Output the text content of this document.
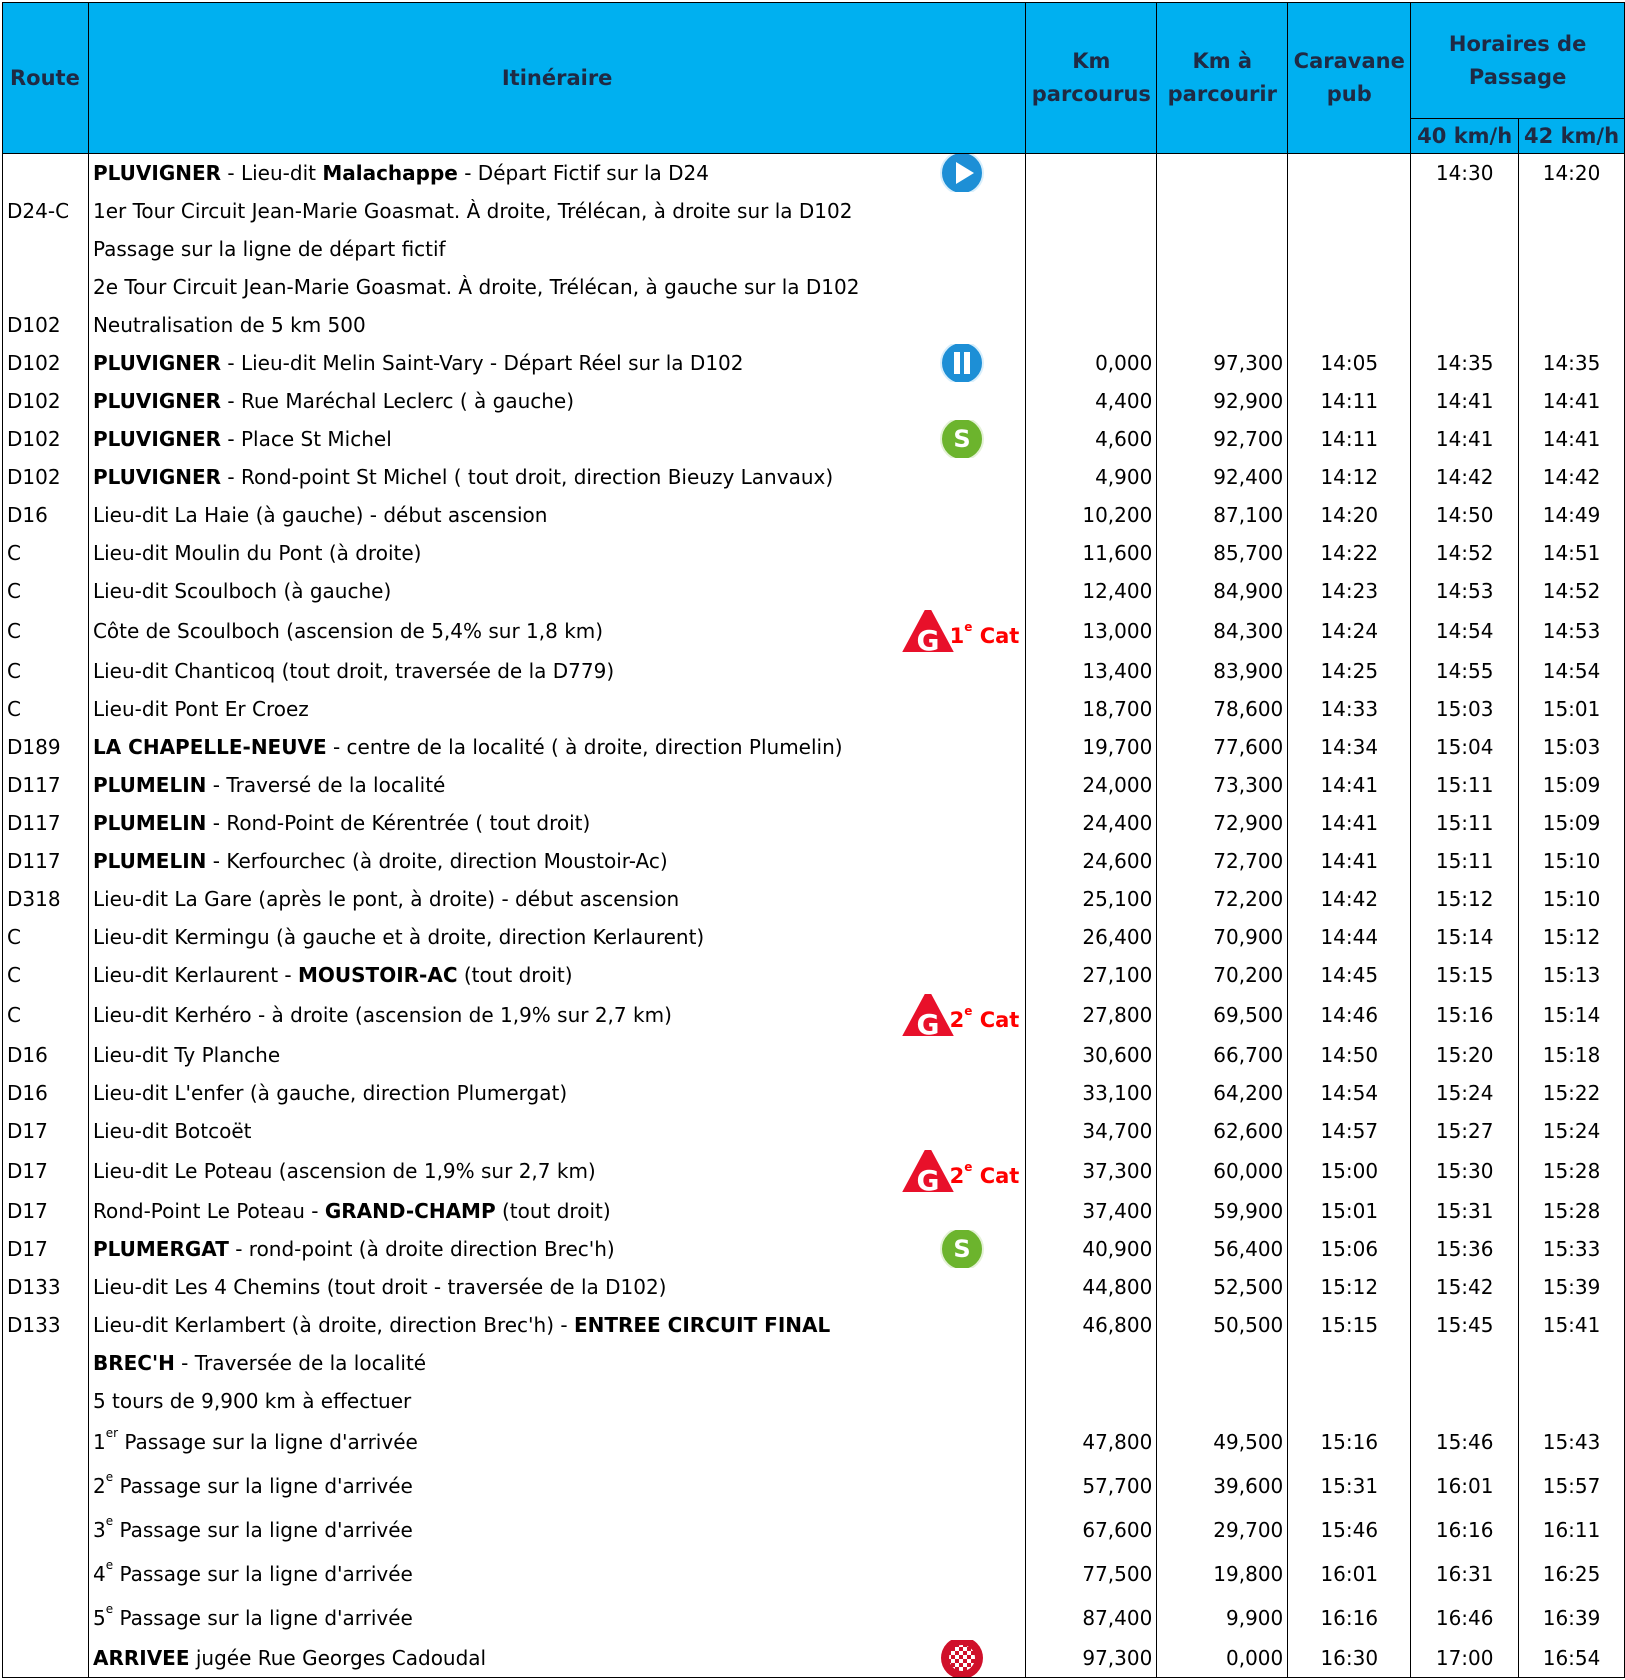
Route	Itinéraire	Km parcourus	Km à parcourir	Caravane pub	Horaires de Passage	
					40 km/h	42 km/h
	PLUVIGNER - Lieu-dit Malachappe - Départ Fictif sur la D24				14:30	14:20
D24-C	1er Tour Circuit Jean-Marie Goasmat. À droite, Trélécan, à droite sur la D102					
	Passage sur la ligne de départ fictif					
	2e Tour Circuit Jean-Marie Goasmat. À droite, Trélécan, à gauche sur la D102					
D102	Neutralisation de 5 km 500					
D102	PLUVIGNER - Lieu-dit Melin Saint-Vary - Départ Réel sur la D102	0,000	97,300	14:05	14:35	14:35
D102	PLUVIGNER - Rue Maréchal Leclerc ( à gauche)	4,400	92,900	14:11	14:41	14:41
D102	PLUVIGNER - Place St Michel S	4,600	92,700	14:11	14:41	14:41
D102	PLUVIGNER - Rond-point St Michel ( tout droit, direction Bieuzy Lanvaux)	4,900	92,400	14:12	14:42	14:42
D16	Lieu-dit La Haie (à gauche) - début ascension	10,200	87,100	14:20	14:50	14:49
C	Lieu-dit Moulin du Pont (à droite)	11,600	85,700	14:22	14:52	14:51
C	Lieu-dit Scoulboch (à gauche)	12,400	84,900	14:23	14:53	14:52
C	Côte de Scoulboch (ascension de 5,4% sur 1,8 km) G 1e Cat	13,000	84,300	14:24	14:54	14:53
C	Lieu-dit Chanticoq (tout droit, traversée de la D779)	13,400	83,900	14:25	14:55	14:54
C	Lieu-dit Pont Er Croez	18,700	78,600	14:33	15:03	15:01
D189	LA CHAPELLE-NEUVE - centre de la localité ( à droite, direction Plumelin)	19,700	77,600	14:34	15:04	15:03
D117	PLUMELIN - Traversé de la localité	24,000	73,300	14:41	15:11	15:09
D117	PLUMELIN - Rond-Point de Kérentrée ( tout droit)	24,400	72,900	14:41	15:11	15:09
D117	PLUMELIN - Kerfourchec (à droite, direction Moustoir-Ac)	24,600	72,700	14:41	15:11	15:10
D318	Lieu-dit La Gare (après le pont, à droite) - début ascension	25,100	72,200	14:42	15:12	15:10
C	Lieu-dit Kermingu (à gauche et à droite, direction Kerlaurent)	26,400	70,900	14:44	15:14	15:12
C	Lieu-dit Kerlaurent - MOUSTOIR-AC (tout droit)	27,100	70,200	14:45	15:15	15:13
C	Lieu-dit Kerhéro - à droite (ascension de 1,9% sur 2,7 km) G 2e Cat	27,800	69,500	14:46	15:16	15:14
D16	Lieu-dit Ty Planche	30,600	66,700	14:50	15:20	15:18
D16	Lieu-dit L'enfer (à gauche, direction Plumergat)	33,100	64,200	14:54	15:24	15:22
D17	Lieu-dit Botcoët	34,700	62,600	14:57	15:27	15:24
D17	Lieu-dit Le Poteau (ascension de 1,9% sur 2,7 km) G 2e Cat	37,300	60,000	15:00	15:30	15:28
D17	Rond-Point Le Poteau - GRAND-CHAMP (tout droit)	37,400	59,900	15:01	15:31	15:28
D17	PLUMERGAT - rond-point (à droite direction Brec'h) S	40,900	56,400	15:06	15:36	15:33
D133	Lieu-dit Les 4 Chemins (tout droit - traversée de la D102)	44,800	52,500	15:12	15:42	15:39
D133	Lieu-dit Kerlambert (à droite, direction Brec'h) - ENTREE CIRCUIT FINAL	46,800	50,500	15:15	15:45	15:41
	BREC'H - Traversée de la localité					
	5 tours de 9,900 km à effectuer					
	1er Passage sur la ligne d'arrivée	47,800	49,500	15:16	15:46	15:43
	2e Passage sur la ligne d'arrivée	57,700	39,600	15:31	16:01	15:57
	3e Passage sur la ligne d'arrivée	67,600	29,700	15:46	16:16	16:11
	4e Passage sur la ligne d'arrivée	77,500	19,800	16:01	16:31	16:25
	5e Passage sur la ligne d'arrivée	87,400	9,900	16:16	16:46	16:39
	ARRIVEE jugée Rue Georges Cadoudal	97,300	0,000	16:30	17:00	16:54
